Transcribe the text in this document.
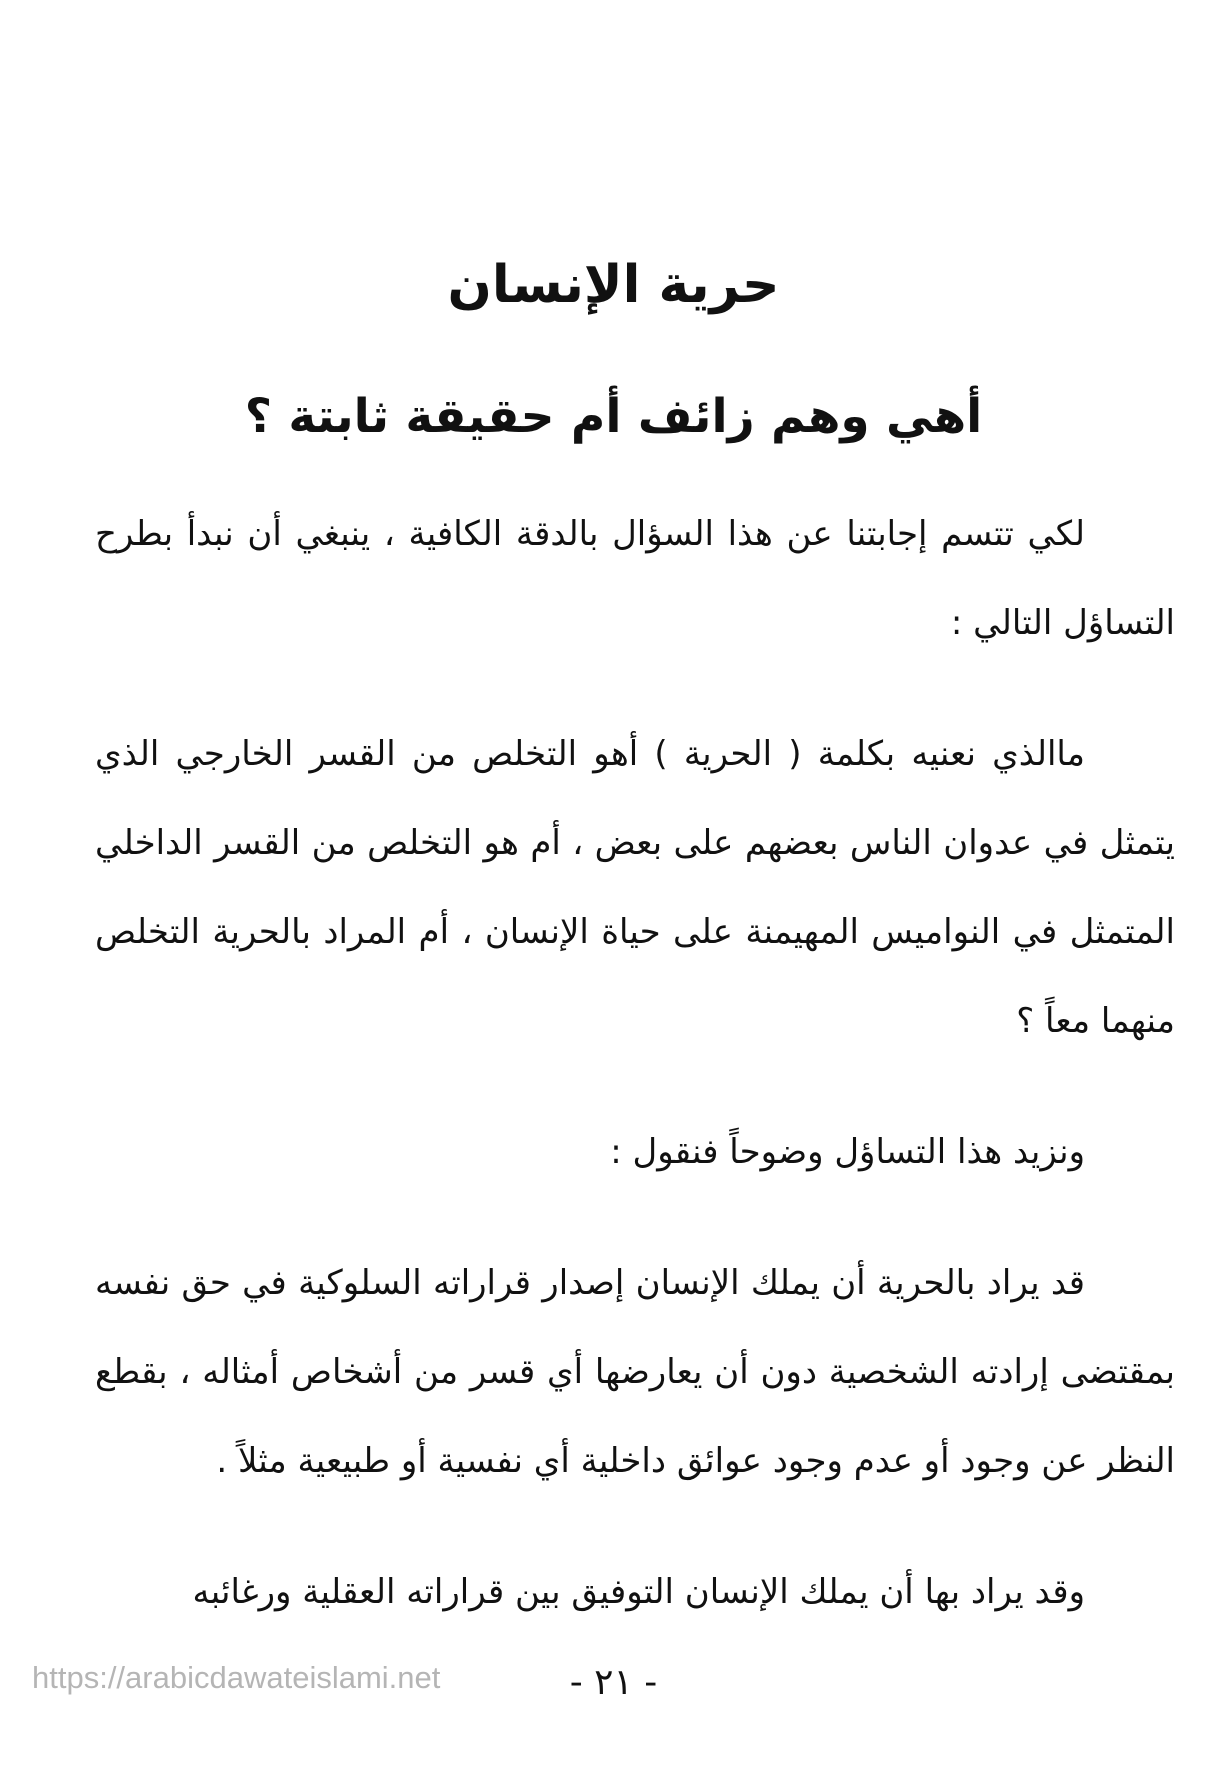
حرية الإنسان
أهي وهم زائف أم حقيقة ثابتة ؟

لكي تتسم إجابتنا عن هذا السؤال بالدقة الكافية ، ينبغي أن نبدأ بطرح التساؤل التالي :

ماالذي نعنيه بكلمة ( الحرية ) أهو التخلص من القسر الخارجي الذي يتمثل في عدوان الناس بعضهم على بعض ، أم هو التخلص من القسر الداخلي المتمثل في النواميس المهيمنة على حياة الإنسان ، أم المراد بالحرية التخلص منهما معاً ؟

ونزيد هذا التساؤل وضوحاً فنقول :

قد يراد بالحرية أن يملك الإنسان إصدار قراراته السلوكية في حق نفسه بمقتضى إرادته الشخصية دون أن يعارضها أي قسر من أشخاص أمثاله ، بقطع النظر عن وجود أو عدم وجود عوائق داخلية أي نفسية أو طبيعية مثلاً .

وقد يراد بها أن يملك الإنسان التوفيق بين قراراته العقلية ورغائبه

https://arabicdawateislami.net	- ٢١ -
